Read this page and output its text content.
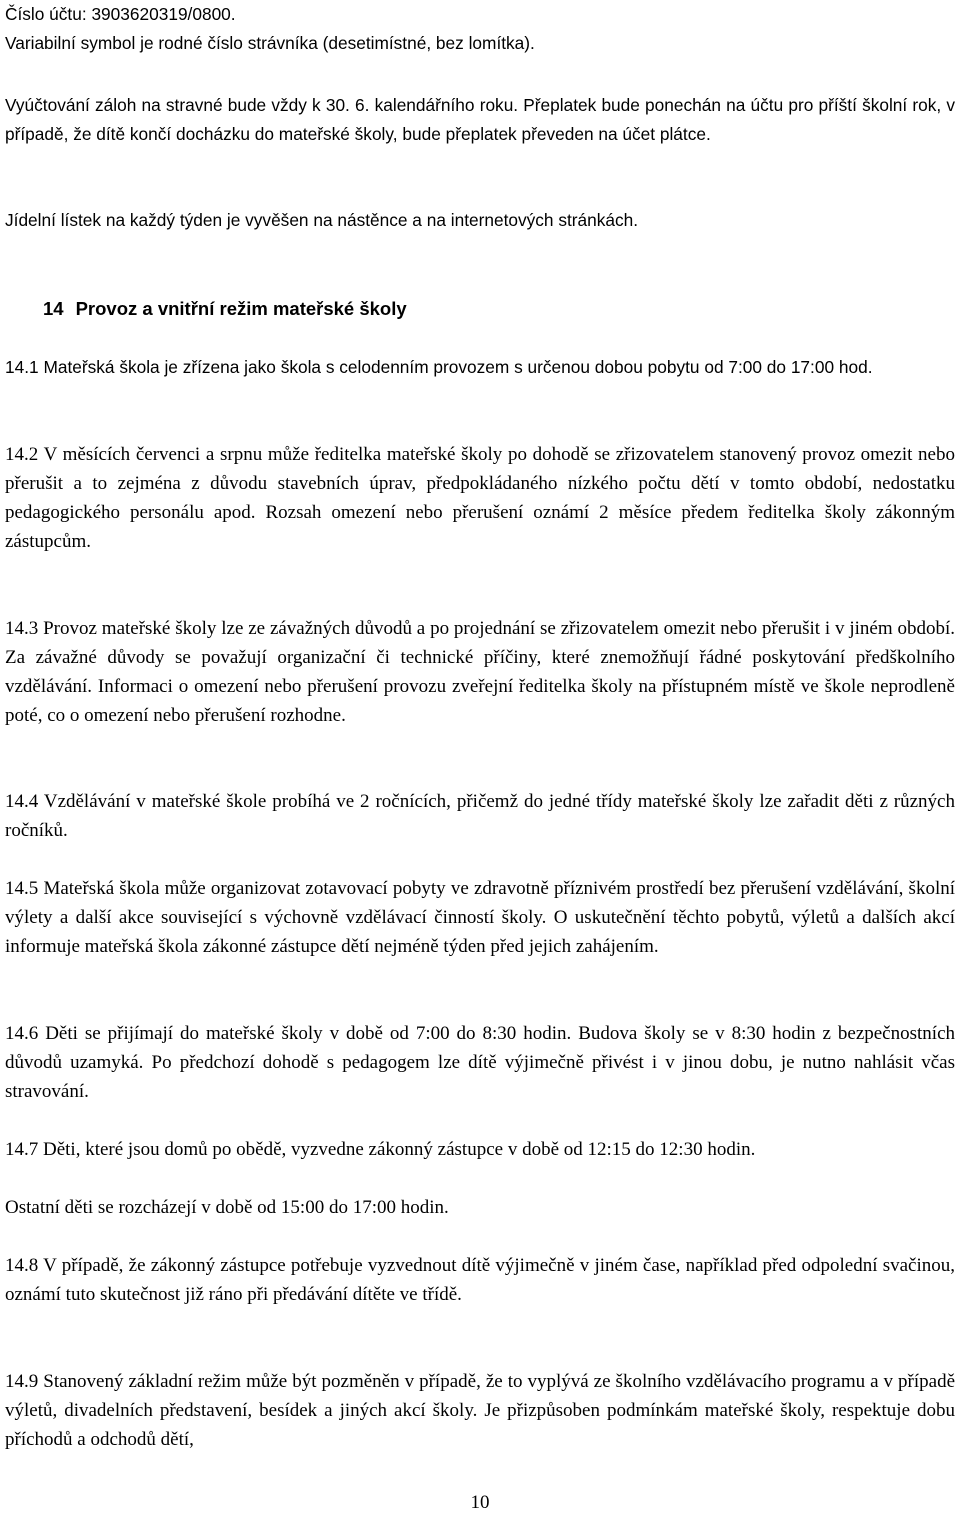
Číslo účtu: 3903620319/0800.
Variabilní symbol je rodné číslo strávníka (desetimístné, bez lomítka).
Vyúčtování záloh na stravné bude vždy k 30. 6. kalendářního roku. Přeplatek bude ponechán na účtu pro příští školní rok, v případě, že dítě končí docházku do mateřské školy, bude přeplatek převeden na účet plátce.
Jídelní lístek na každý týden je vyvěšen na nástěnce a na internetových stránkách.
14 Provoz a vnitřní režim mateřské školy
14.1 Mateřská škola je zřízena jako škola s celodenním provozem s určenou dobou pobytu od 7:00 do 17:00 hod.
14.2 V měsících červenci a srpnu může ředitelka mateřské školy po dohodě se zřizovatelem stanovený provoz omezit nebo přerušit a to zejména z důvodu stavebních úprav, předpokládaného nízkého počtu dětí v tomto období, nedostatku pedagogického personálu apod. Rozsah omezení nebo přerušení oznámí 2 měsíce předem ředitelka školy zákonným zástupcům.
14.3 Provoz mateřské školy lze ze závažných důvodů a po projednání se zřizovatelem omezit nebo přerušit i v jiném období. Za závažné důvody se považují organizační či technické příčiny, které znemožňují řádné poskytování předškolního vzdělávání. Informaci o omezení nebo přerušení provozu zveřejní ředitelka školy na přístupném místě ve škole neprodleně poté, co o omezení nebo přerušení rozhodne.
14.4 Vzdělávání v mateřské škole probíhá ve 2 ročnících, přičemž do jedné třídy mateřské školy lze zařadit děti z různých ročníků.
14.5 Mateřská škola může organizovat zotavovací pobyty ve zdravotně příznivém prostředí bez přerušení vzdělávání, školní výlety a další akce související s výchovně vzdělávací činností školy. O uskutečnění těchto pobytů, výletů a dalších akcí informuje mateřská škola zákonné zástupce dětí nejméně týden před jejich zahájením.
14.6 Děti se přijímají do mateřské školy v době od 7:00 do 8:30 hodin. Budova školy se v 8:30 hodin z bezpečnostních důvodů uzamyká. Po předchozí dohodě s pedagogem lze dítě výjimečně přivést i v jinou dobu, je nutno nahlásit včas stravování.
14.7 Děti, které jsou domů po obědě, vyzvedne zákonný zástupce v době od 12:15 do 12:30 hodin.
Ostatní děti se rozcházejí v době od 15:00 do 17:00 hodin.
14.8 V případě, že zákonný zástupce potřebuje vyzvednout dítě výjimečně v jiném čase, například před odpolední svačinou, oznámí tuto skutečnost již ráno při předávání dítěte ve třídě.
14.9 Stanovený základní režim může být pozměněn v případě, že to vyplývá ze školního vzdělávacího programu a v případě výletů, divadelních představení, besídek a jiných akcí školy. Je přizpůsoben podmínkám mateřské školy, respektuje dobu příchodů a odchodů dětí,
10
